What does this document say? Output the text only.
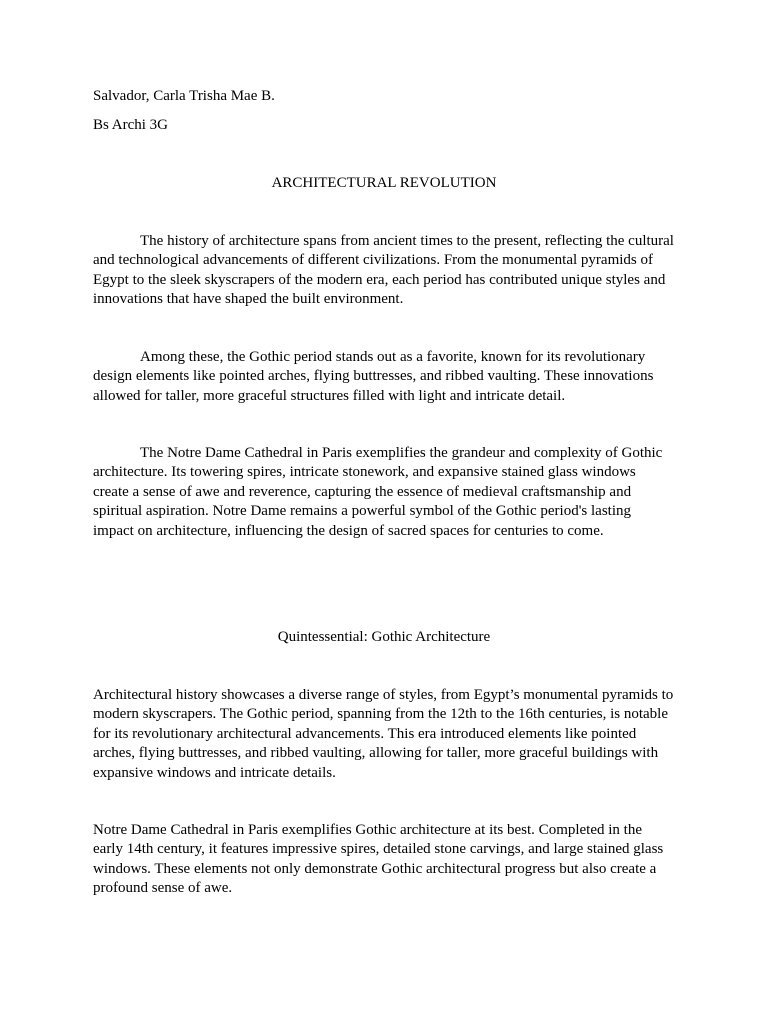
Salvador, Carla Trisha Mae B.
Bs Archi 3G
ARCHITECTURAL REVOLUTION

The history of architecture spans from ancient times to the present, reflecting the cultural and technological advancements of different civilizations. From the monumental pyramids of Egypt to the sleek skyscrapers of the modern era, each period has contributed unique styles and innovations that have shaped the built environment.

Among these, the Gothic period stands out as a favorite, known for its revolutionary design elements like pointed arches, flying buttresses, and ribbed vaulting. These innovations allowed for taller, more graceful structures filled with light and intricate detail.

The Notre Dame Cathedral in Paris exemplifies the grandeur and complexity of Gothic architecture. Its towering spires, intricate stonework, and expansive stained glass windows create a sense of awe and reverence, capturing the essence of medieval craftsmanship and spiritual aspiration. Notre Dame remains a powerful symbol of the Gothic period's lasting impact on architecture, influencing the design of sacred spaces for centuries to come.

Quintessential: Gothic Architecture

Architectural history showcases a diverse range of styles, from Egypt’s monumental pyramids to modern skyscrapers. The Gothic period, spanning from the 12th to the 16th centuries, is notable for its revolutionary architectural advancements. This era introduced elements like pointed arches, flying buttresses, and ribbed vaulting, allowing for taller, more graceful buildings with expansive windows and intricate details.

Notre Dame Cathedral in Paris exemplifies Gothic architecture at its best. Completed in the early 14th century, it features impressive spires, detailed stone carvings, and large stained glass windows. These elements not only demonstrate Gothic architectural progress but also create a profound sense of awe.
